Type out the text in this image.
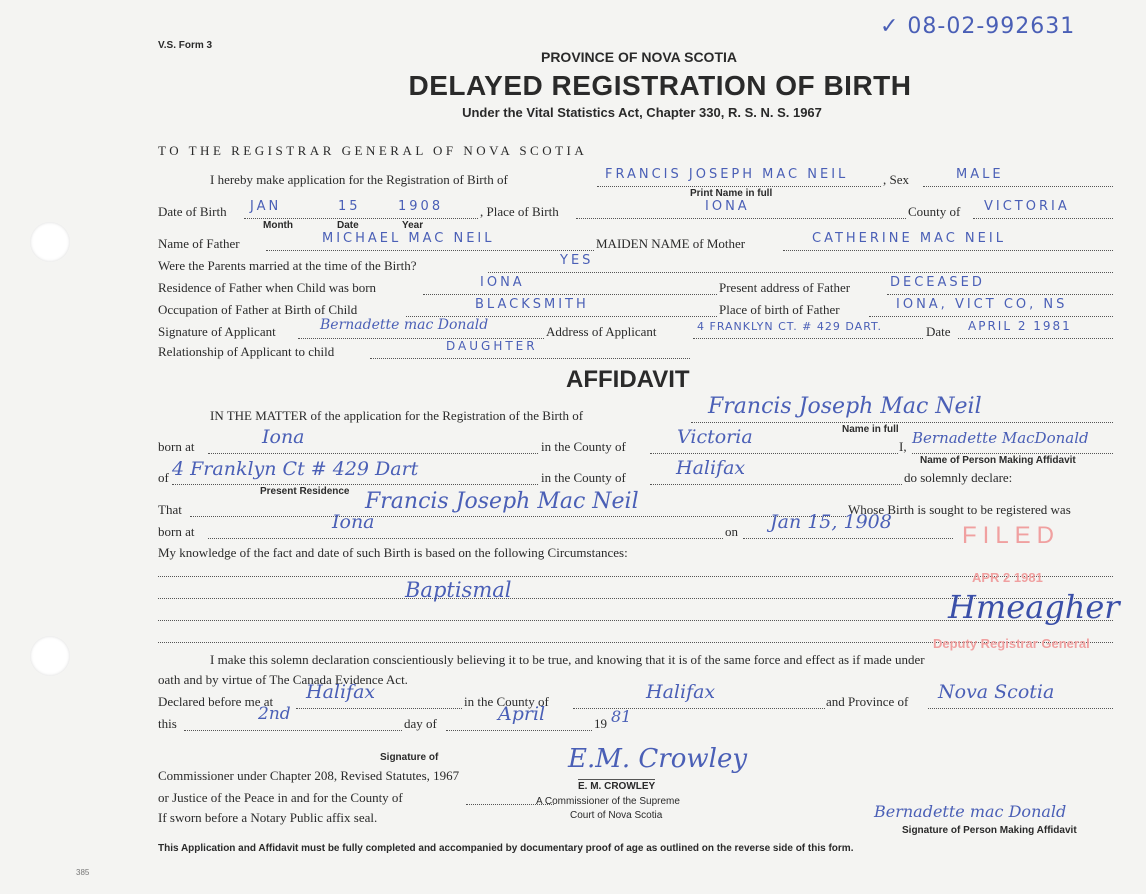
V.S. Form 3
✓ 08-02-992631
PROVINCE OF NOVA SCOTIA
DELAYED REGISTRATION OF BIRTH
Under the Vital Statistics Act, Chapter 330, R. S. N. S. 1967
TO THE REGISTRAR GENERAL OF NOVA SCOTIA
I hereby make application for the Registration of Birth of	FRANCIS JOSEPH MAC NEIL	, Sex	MALE
Print Name in full
Date of Birth JAN	15	1908	, Place of Birth	IONA	County of VICTORIA
Month	Date	Year
Name of Father	MICHAEL MAC NEIL	MAIDEN NAME of Mother	CATHERINE MAC NEIL
Were the Parents married at the time of the Birth?	YES
Residence of Father when Child was born	IONA	Present address of Father	DECEASED
Occupation of Father at Birth of Child	BLACKSMITH	Place of birth of Father	IONA, VICT CO, NS
Signature of Applicant	Bernadette mac Donald	Address of Applicant	4 FRANKLYN CT. # 429 DART.	Date APRIL 2 1981
Relationship of Applicant to child	DAUGHTER
AFFIDAVIT
IN THE MATTER of the application for the Registration of the Birth of	Francis Joseph Mac Neil
Name in full
born at	Iona	in the County of	Victoria	I, Bernadette MacDonald
Name of Person Making Affidavit
of 4 Franklyn Ct # 429 Dart	in the County of	Halifax	do solemnly declare:
Present Residence
That	Francis Joseph Mac Neil	Whose Birth is sought to be registered was
born at	Iona	on Jan 15, 1908
My knowledge of the fact and date of such Birth is based on the following Circumstances:
Baptismal
FILED
APR 2 1981
Hmeagher
Deputy Registrar General
I make this solemn declaration conscientiously believing it to be true, and knowing that it is of the same force and effect as if made under
oath and by virtue of The Canada Evidence Act.
Declared before me at Halifax	in the County of	Halifax	and Province of Nova Scotia
this	2nd	day of	April	19 81
Signature of
Commissioner under Chapter 208, Revised Statutes, 1967
or Justice of the Peace in and for the County of
If sworn before a Notary Public affix seal.
E.M. Crowley
E. M. CROWLEY
A Commissioner of the Supreme
Court of Nova Scotia	Bernadette mac Donald
Signature of Person Making Affidavit
This Application and Affidavit must be fully completed and accompanied by documentary proof of age as outlined on the reverse side of this form.
385
